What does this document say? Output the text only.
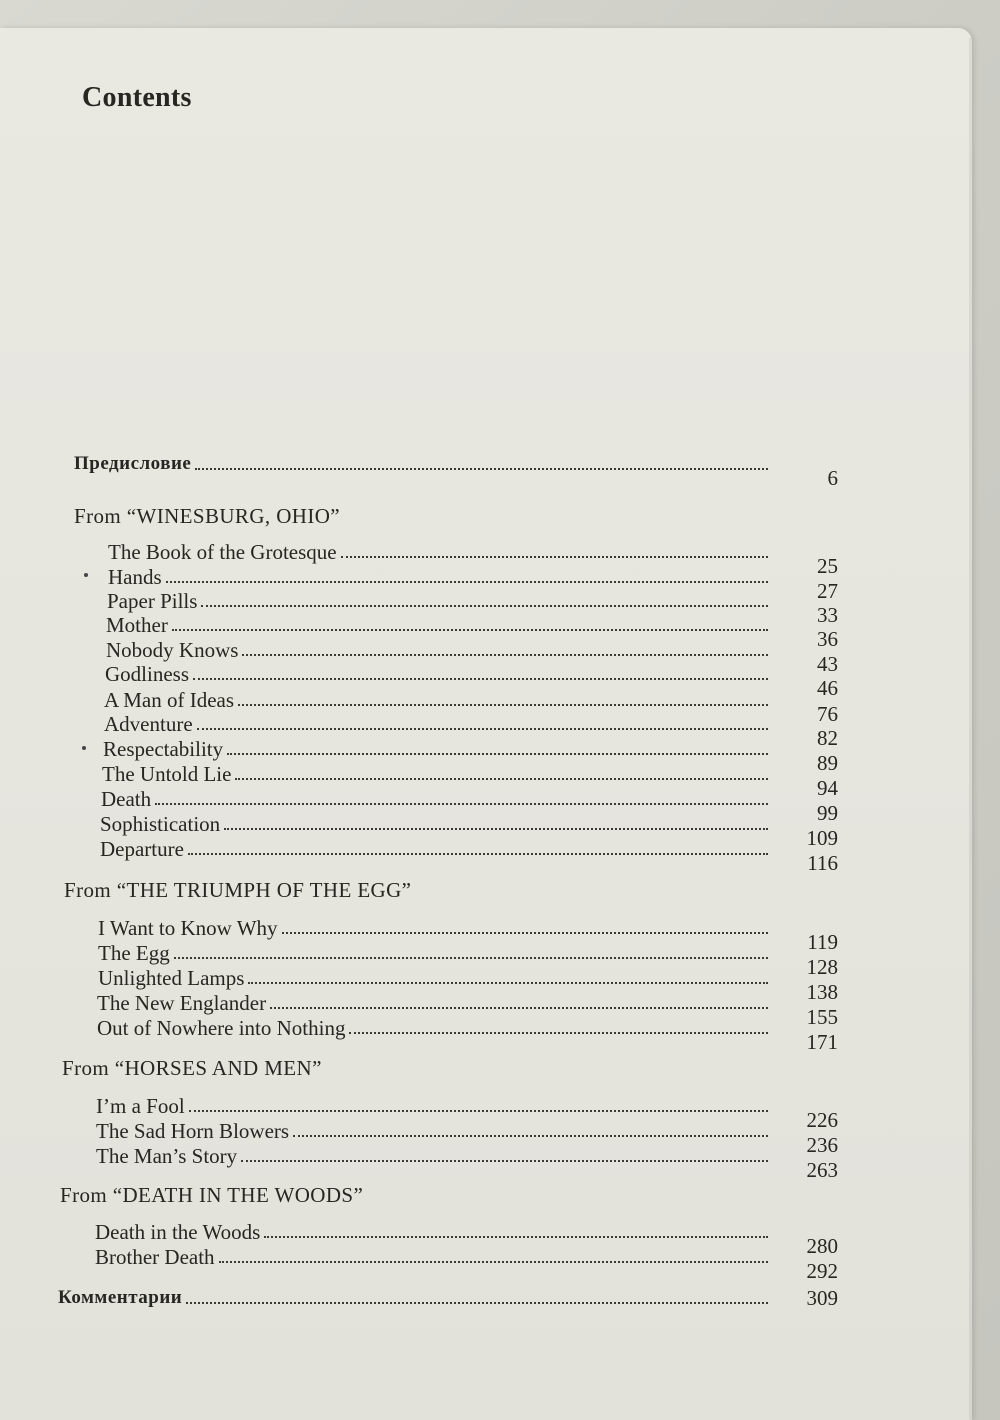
Contents
Предисловие
6
From “WINESBURG, OHIO”
The Book of the Grotesque
25
Hands
27
Paper Pills
33
Mother
36
Nobody Knows
43
Godliness
46
A Man of Ideas
76
Adventure
82
Respectability
89
The Untold Lie
94
Death
99
Sophistication
109
Departure
116
From “THE TRIUMPH OF THE EGG”
I Want to Know Why
119
The Egg
128
Unlighted Lamps
138
The New Englander
155
Out of Nowhere into Nothing
171
From “HORSES AND MEN”
I’m a Fool
226
The Sad Horn Blowers
236
The Man’s Story
263
From “DEATH IN THE WOODS”
Death in the Woods
280
Brother Death
292
Комментарии	309
